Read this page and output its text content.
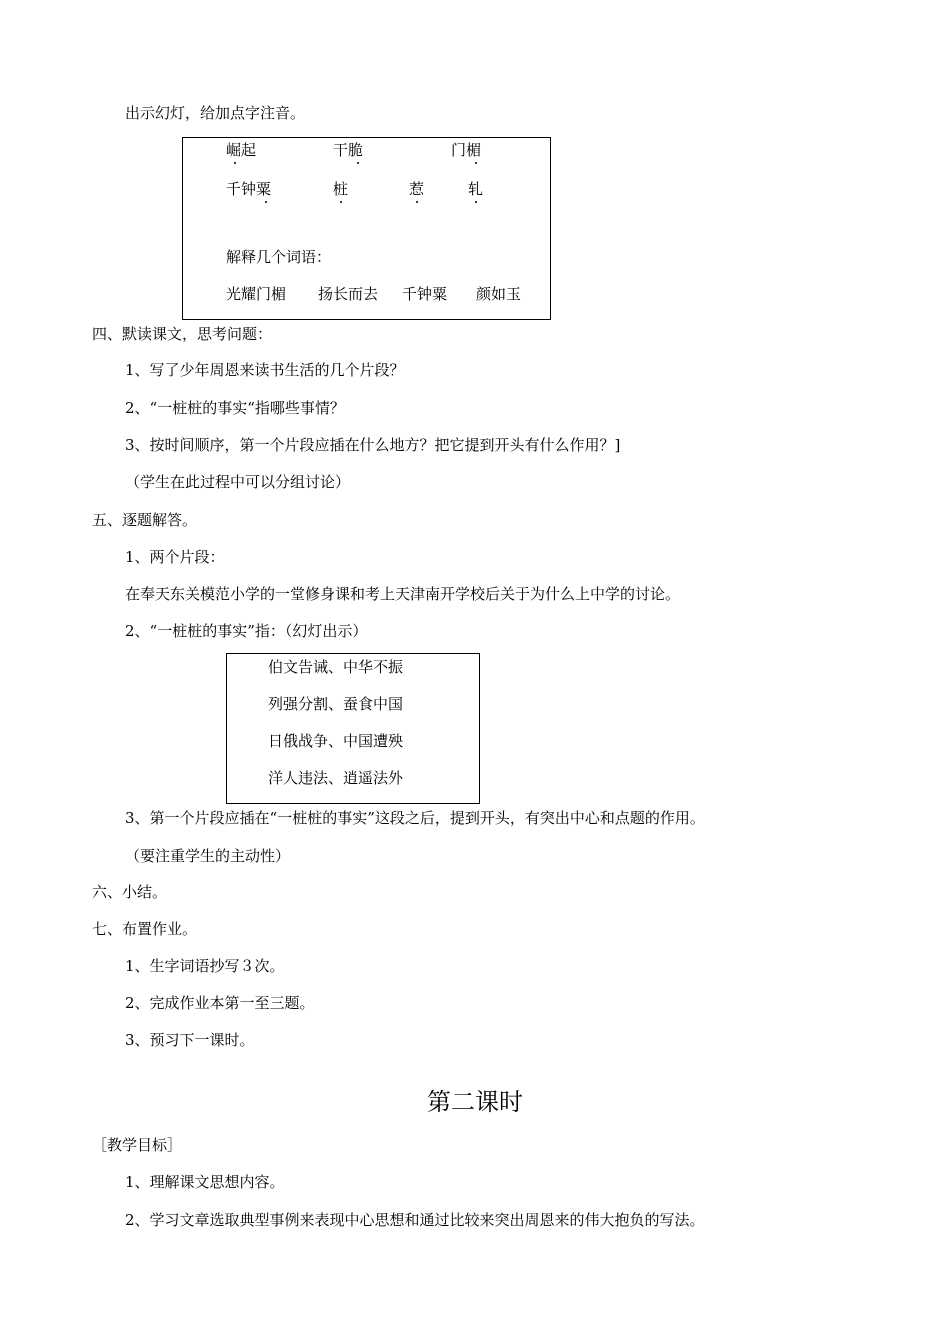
出示幻灯，给加点字注音。
崛起	干脆	门楣
千钟粟	桩	惹	轧
解释几个词语：
光耀门楣 扬长而去 千钟粟 颜如玉
四、默读课文，思考问题：
1、写了少年周恩来读书生活的几个片段？
2、“一桩桩的事实“指哪些事情？
3、按时间顺序，第一个片段应插在什么地方？把它提到开头有什么作用？]
（学生在此过程中可以分组讨论）
五、逐题解答。
1、两个片段：
在奉天东关模范小学的一堂修身课和考上天津南开学校后关于为什么上中学的讨论。
2、“一桩桩的事实”指：（幻灯出示）
伯文告诫、中华不振
列强分割、蚕食中国
日俄战争、中国遭殃
洋人违法、逍遥法外
3、第一个片段应插在“一桩桩的事实”这段之后，提到开头，有突出中心和点题的作用。
（要注重学生的主动性）
六、小结。
七、布置作业。
1、生字词语抄写３次。
2、完成作业本第一至三题。
3、预习下一课时。
第二课时
［教学目标］
1、理解课文思想内容。
2、学习文章选取典型事例来表现中心思想和通过比较来突出周恩来的伟大抱负的写法。
